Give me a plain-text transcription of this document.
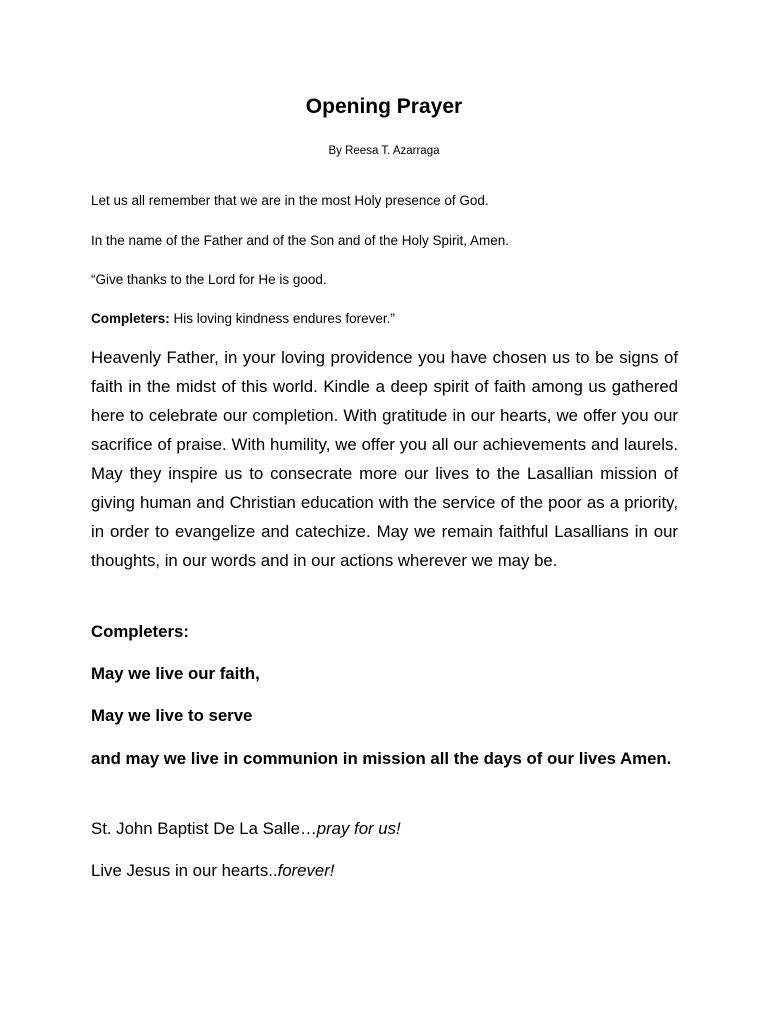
Opening Prayer

By Reesa T. Azarraga

Let us all remember that we are in the most Holy presence of God.

In the name of the Father and of the Son and of the Holy Spirit, Amen.

“Give thanks to the Lord for He is good.

Completers: His loving kindness endures forever.”

Heavenly Father, in your loving providence you have chosen us to be signs of faith in the midst of this world. Kindle a deep spirit of faith among us gathered here to celebrate our completion. With gratitude in our hearts, we offer you our sacrifice of praise. With humility, we offer you all our achievements and laurels. May they inspire us to consecrate more our lives to the Lasallian mission of giving human and Christian education with the service of the poor as a priority, in order to evangelize and catechize. May we remain faithful Lasallians in our thoughts, in our words and in our actions wherever we may be.

Completers:

May we live our faith,

May we live to serve

and may we live in communion in mission all the days of our lives Amen.

St. John Baptist De La Salle…pray for us!

Live Jesus in our hearts..forever!
